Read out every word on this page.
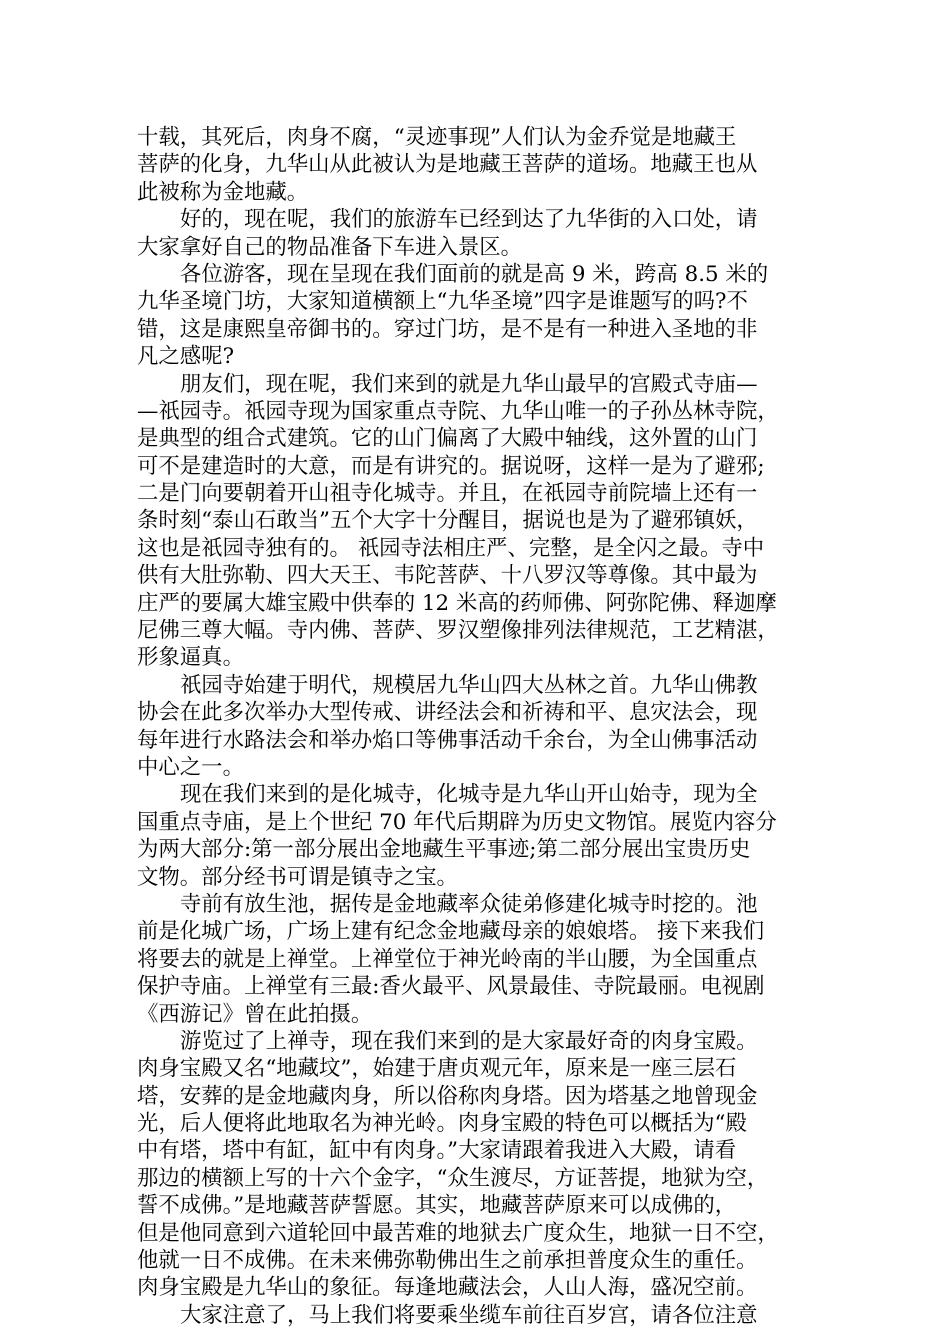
十载，其死后，肉身不腐，“灵迹事现”人们认为金乔觉是地藏王
菩萨的化身，九华山从此被认为是地藏王菩萨的道场。地藏王也从
此被称为金地藏。
好的，现在呢，我们的旅游车已经到达了九华街的入口处，请
大家拿好自己的物品准备下车进入景区。
各位游客，现在呈现在我们面前的就是高 9 米，跨高 8.5 米的
九华圣境门坊，大家知道横额上“九华圣境”四字是谁题写的吗?不
错，这是康熙皇帝御书的。穿过门坊，是不是有一种进入圣地的非
凡之感呢?
朋友们，现在呢，我们来到的就是九华山最早的宫殿式寺庙—
—祇园寺。祇园寺现为国家重点寺院、九华山唯一的子孙丛林寺院，
是典型的组合式建筑。它的山门偏离了大殿中轴线，这外置的山门
可不是建造时的大意，而是有讲究的。据说呀，这样一是为了避邪;
二是门向要朝着开山祖寺化城寺。并且，在祇园寺前院墙上还有一
条时刻“泰山石敢当”五个大字十分醒目，据说也是为了避邪镇妖，
这也是祇园寺独有的。 祇园寺法相庄严、完整，是全闪之最。寺中
供有大肚弥勒、四大天王、韦陀菩萨、十八罗汉等尊像。其中最为
庄严的要属大雄宝殿中供奉的 12 米高的药师佛、阿弥陀佛、释迦摩
尼佛三尊大幅。寺内佛、菩萨、罗汉塑像排列法律规范，工艺精湛，
形象逼真。
祇园寺始建于明代，规模居九华山四大丛林之首。九华山佛教
协会在此多次举办大型传戒、讲经法会和祈祷和平、息灾法会，现
每年进行水路法会和举办焰口等佛事活动千余台，为全山佛事活动
中心之一。
现在我们来到的是化城寺，化城寺是九华山开山始寺，现为全
国重点寺庙，是上个世纪 70 年代后期辟为历史文物馆。展览内容分
为两大部分:第一部分展出金地藏生平事迹;第二部分展出宝贵历史
文物。部分经书可谓是镇寺之宝。
寺前有放生池，据传是金地藏率众徒弟修建化城寺时挖的。池
前是化城广场，广场上建有纪念金地藏母亲的娘娘塔。 接下来我们
将要去的就是上禅堂。上禅堂位于神光岭南的半山腰，为全国重点
保护寺庙。上禅堂有三最:香火最平、风景最佳、寺院最丽。电视剧
《西游记》曾在此拍摄。
游览过了上禅寺，现在我们来到的是大家最好奇的肉身宝殿。
肉身宝殿又名“地藏坟”，始建于唐贞观元年，原来是一座三层石
塔，安葬的是金地藏肉身，所以俗称肉身塔。因为塔基之地曾现金
光，后人便将此地取名为神光岭。肉身宝殿的特色可以概括为“殿
中有塔，塔中有缸，缸中有肉身。”大家请跟着我进入大殿，请看
那边的横额上写的十六个金字，“众生渡尽，方证菩提，地狱为空，
誓不成佛。”是地藏菩萨誓愿。其实，地藏菩萨原来可以成佛的，
但是他同意到六道轮回中最苦难的地狱去广度众生，地狱一日不空，
他就一日不成佛。在未来佛弥勒佛出生之前承担普度众生的重任。
肉身宝殿是九华山的象征。每逢地藏法会，人山人海，盛况空前。
大家注意了，马上我们将要乘坐缆车前往百岁宫，请各位注意
